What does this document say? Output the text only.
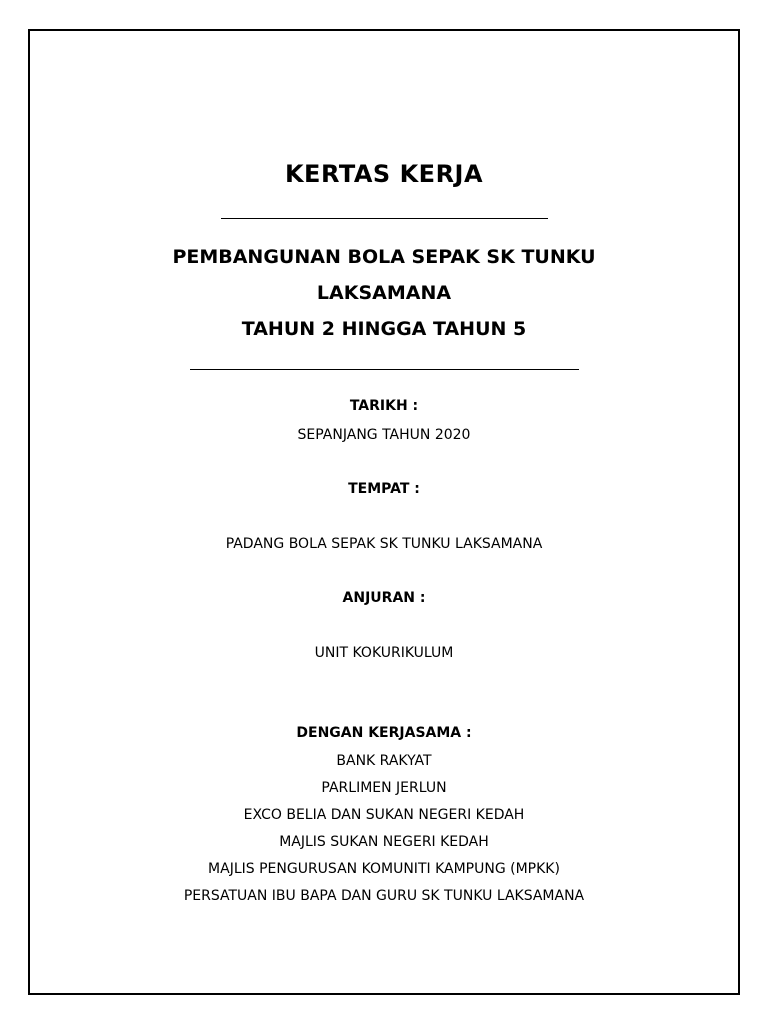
KERTAS KERJA
PEMBANGUNAN BOLA SEPAK SK TUNKU
LAKSAMANA
TAHUN 2 HINGGA TAHUN 5
TARIKH :
SEPANJANG TAHUN 2020
TEMPAT :
PADANG BOLA SEPAK SK TUNKU LAKSAMANA
ANJURAN :
UNIT KOKURIKULUM
DENGAN KERJASAMA :
BANK RAKYAT
PARLIMEN JERLUN
EXCO BELIA DAN SUKAN NEGERI KEDAH
MAJLIS SUKAN NEGERI KEDAH
MAJLIS PENGURUSAN KOMUNITI KAMPUNG (MPKK)
PERSATUAN IBU BAPA DAN GURU SK TUNKU LAKSAMANA
